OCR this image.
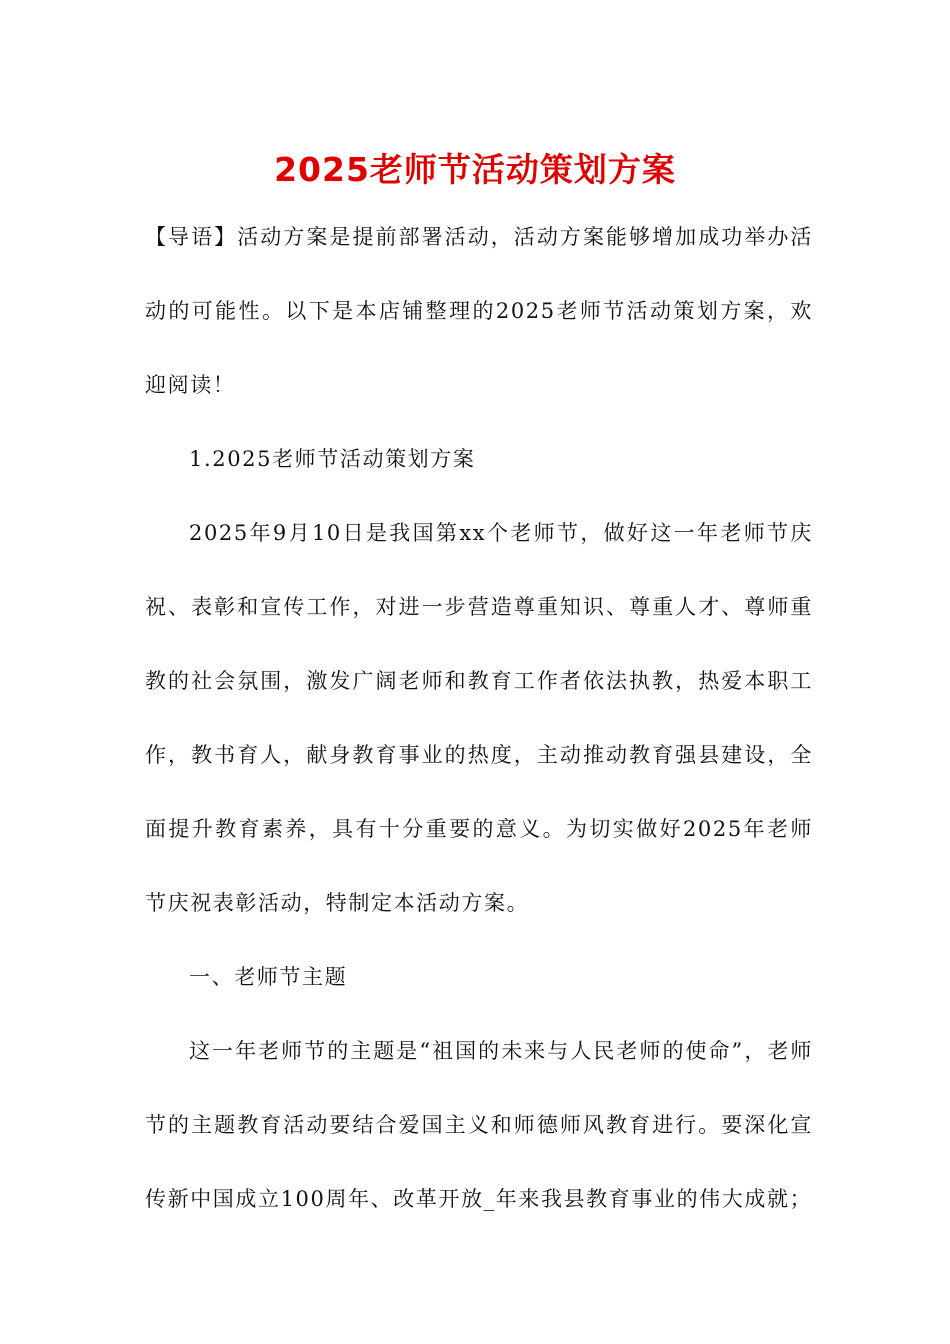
2025老师节活动策划方案

【导语】活动方案是提前部署活动，活动方案能够增加成功举办活动的可能性。以下是本店铺整理的2025老师节活动策划方案，欢迎阅读！

1.2025老师节活动策划方案

2025年9月10日是我国第xx个老师节，做好这一年老师节庆祝、表彰和宣传工作，对进一步营造尊重知识、尊重人才、尊师重教的社会氛围，激发广阔老师和教育工作者依法执教，热爱本职工作，教书育人，献身教育事业的热度，主动推动教育强县建设，全面提升教育素养，具有十分重要的意义。为切实做好2025年老师节庆祝表彰活动，特制定本活动方案。

一、老师节主题

这一年老师节的主题是“祖国的未来与人民老师的使命”，老师节的主题教育活动要结合爱国主义和师德师风教育进行。要深化宣传新中国成立100周年、改革开放_年来我县教育事业的伟大成就；
